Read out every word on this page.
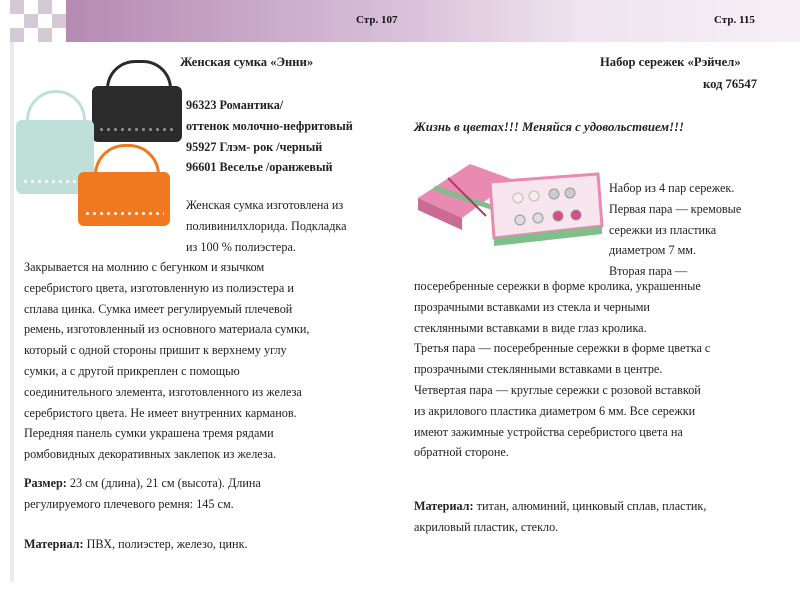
Стр. 107	Стр. 115
Женская сумка «Энни»
96323 Романтика/
оттенок молочно-нефритовый
95927 Глэм- рок /черный
96601 Веселье /оранжевый
Женская сумка изготовлена из
поливинилхлорида. Подкладка
из 100 % полиэстера.
Закрывается на молнию с бегунком и язычком
серебристого цвета, изготовленную из полиэстера и
сплава цинка. Сумка имеет регулируемый плечевой
ремень, изготовленный из основного материала сумки,
который с одной стороны пришит к верхнему углу
сумки, а с другой прикреплен с помощью
соединительного элемента, изготовленного из железа
серебристого цвета. Не имеет внутренних карманов.
Передняя панель сумки украшена тремя рядами
ромбовидных декоративных заклепок из железа.
Размер: 23 см (длина), 21 см (высота). Длина
регулируемого плечевого ремня: 145 см.
Материал: ПВХ, полиэстер, железо, цинк.
Набор сережек «Рэйчел»
код 76547
Жизнь в цветах!!! Меняйся с удовольствием!!!
Набор из 4 пар сережек.
Первая пара — кремовые
сережки из пластика
диаметром 7 мм.
Вторая пара —
посеребренные сережки в форме кролика, украшенные
прозрачными вставками из стекла и черными
стеклянными вставками в виде глаз кролика.
Третья пара — посеребренные сережки в форме цветка с
прозрачными стеклянными вставками в центре.
Четвертая пара — круглые сережки с розовой вставкой
из акрилового пластика диаметром 6 мм. Все сережки
имеют зажимные устройства серебристого цвета на
обратной стороне.
Материал: титан, алюминий, цинковый сплав, пластик,
акриловый пластик, стекло.
